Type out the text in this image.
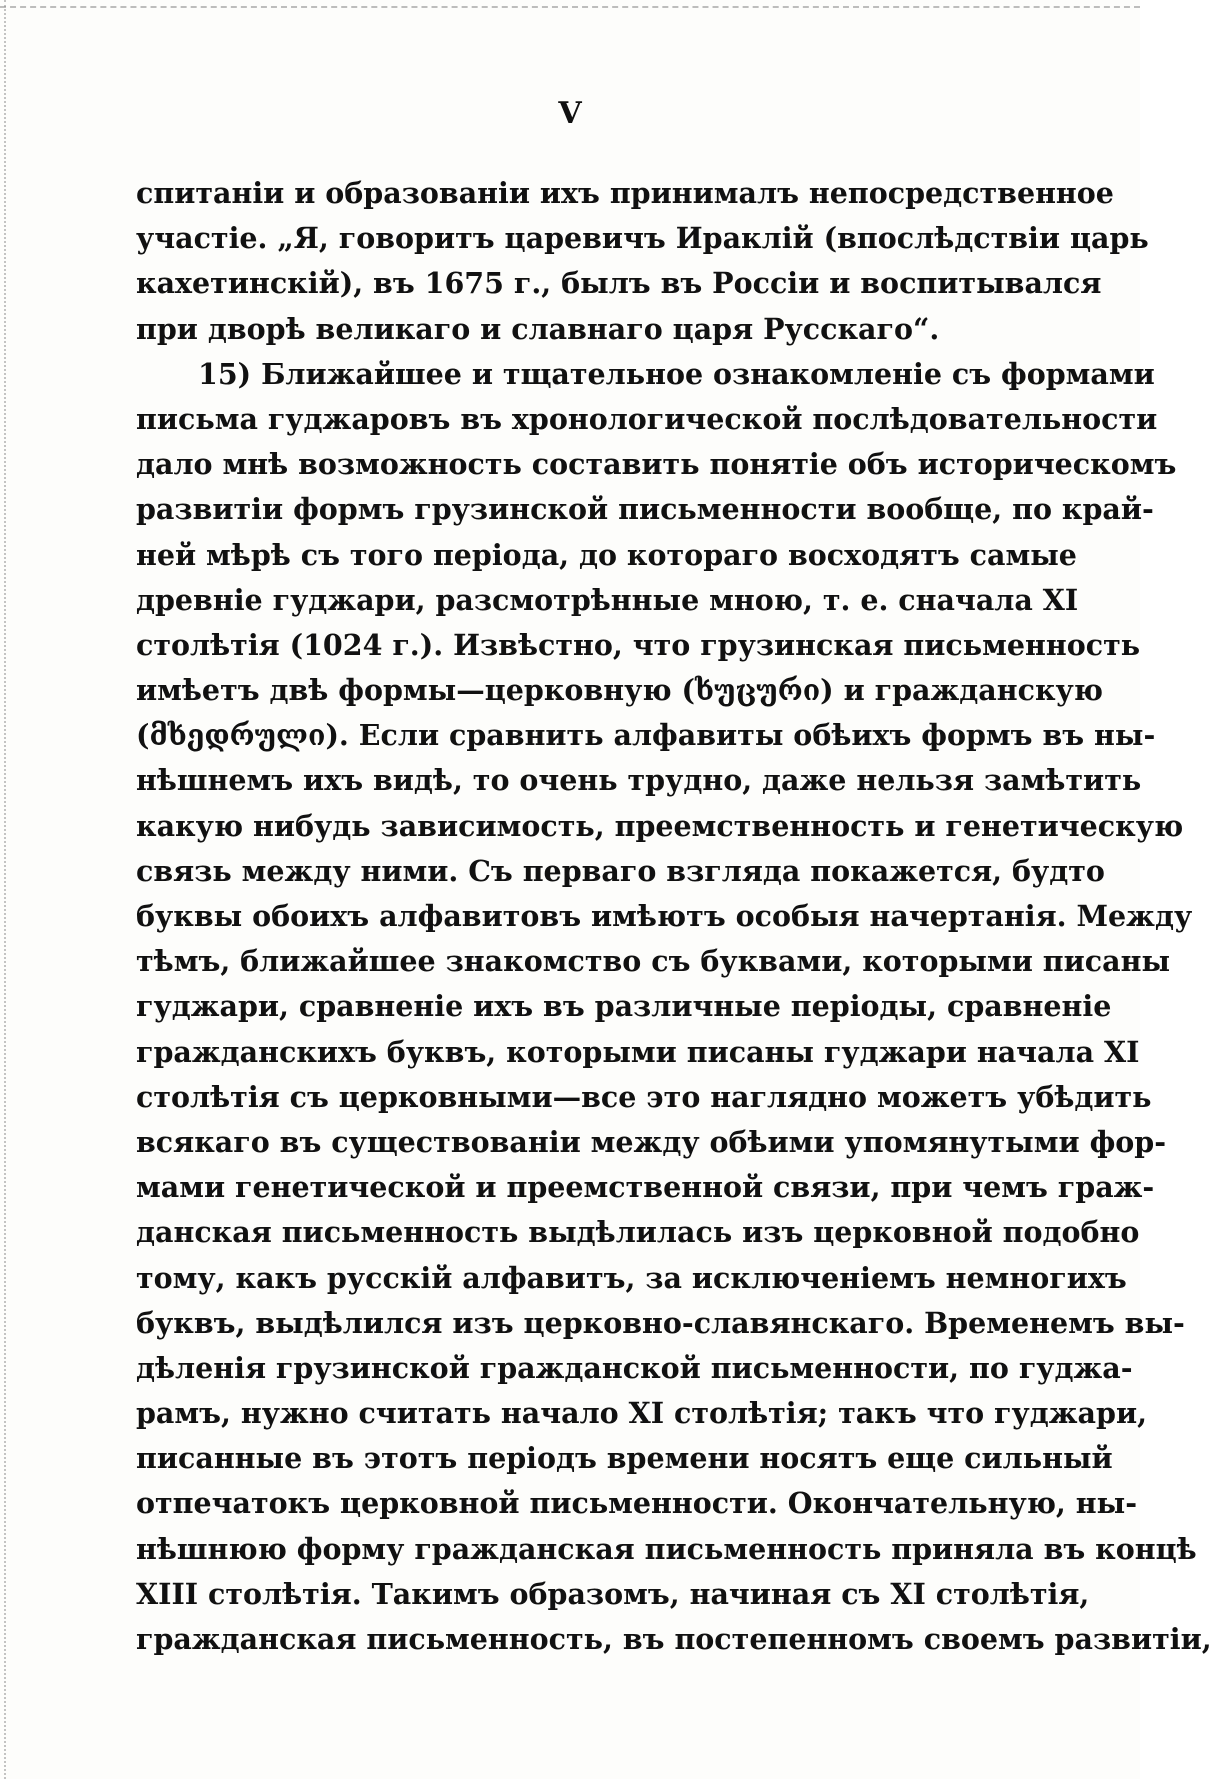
V
спитаніи и образованіи ихъ принималъ непосредственное
участіе. „Я, говоритъ царевичъ Ираклій (впослѣдствіи царь
кахетинскій), въ 1675 г., былъ въ Россіи и воспитывался
при дворѣ великаго и славнаго царя Русскаго“.
15) Ближайшее и тщательное ознакомленіе съ формами
письма гуджаровъ въ хронологической послѣдовательности
дало мнѣ возможность составить понятіе объ историческомъ
развитіи формъ грузинской письменности вообще, по край-
ней мѣрѣ съ того періода, до котораго восходятъ самые
древніе гуджари, разсмотрѣнные мною, т. е. сначала XI
столѣтія (1024 г.). Извѣстно, что грузинская письменность
имѣетъ двѣ формы—церковную (ხუცური) и гражданскую
(მხედრული). Если сравнить алфавиты обѣихъ формъ въ ны-
нѣшнемъ ихъ видѣ, то очень трудно, даже нельзя замѣтить
какую нибудь зависимость, преемственность и генетическую
связь между ними. Съ перваго взгляда покажется, будто
буквы обоихъ алфавитовъ имѣютъ особыя начертанія. Между
тѣмъ, ближайшее знакомство съ буквами, которыми писаны
гуджари, сравненіе ихъ въ различные періоды, сравненіе
гражданскихъ буквъ, которыми писаны гуджари начала XI
столѣтія съ церковными—все это наглядно можетъ убѣдить
всякаго въ существованіи между обѣими упомянутыми фор-
мами генетической и преемственной связи, при чемъ граж-
данская письменность выдѣлилась изъ церковной подобно
тому, какъ русскій алфавитъ, за исключеніемъ немногихъ
буквъ, выдѣлился изъ церковно-славянскаго. Временемъ вы-
дѣленія грузинской гражданской письменности, по гуджа-
рамъ, нужно считать начало XI столѣтія; такъ что гуджари,
писанные въ этотъ періодъ времени носятъ еще сильный
отпечатокъ церковной письменности. Окончательную, ны-
нѣшнюю форму гражданская письменность приняла въ концѣ
XIII столѣтія. Такимъ образомъ, начиная съ XI столѣтія,
гражданская письменность, въ постепенномъ своемъ развитіи,
